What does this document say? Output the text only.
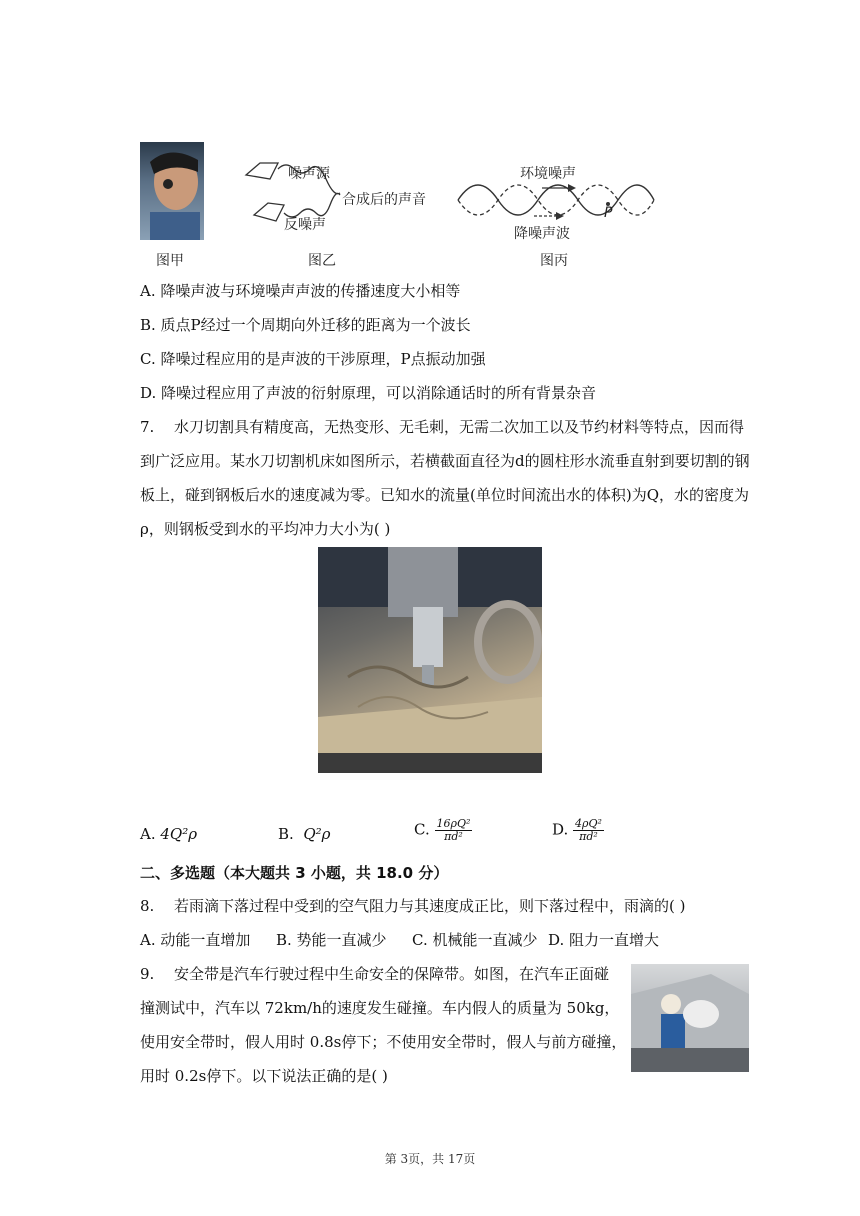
图甲
噪声源
合成后的声音
反噪声
图乙
环境噪声
降噪声波
P
图丙
A. 降噪声波与环境噪声声波的传播速度大小相等
B. 质点P经过一个周期向外迁移的距离为一个波长
C. 降噪过程应用的是声波的干涉原理，P点振动加强
D. 降噪过程应用了声波的衍射原理，可以消除通话时的所有背景杂音
7. 水刀切割具有精度高，无热变形、无毛刺，无需二次加工以及节约材料等特点，因而得
到广泛应用。某水刀切割机床如图所示，若横截面直径为d的圆柱形水流垂直射到要切割的钢
板上，碰到钢板后水的速度减为零。已知水的流量(单位时间流出水的体积)为Q，水的密度为
ρ，则钢板受到水的平均冲力大小为( )
A. 4Q²ρ	B. Q²ρ	C. $\frac{\text{16ρQ²}}{\text{πd²}}$	D. $\frac{\text{4ρQ²}}{\text{πd²}}$
二、多选题（本大题共 3 小题，共 18.0 分）
8. 若雨滴下落过程中受到的空气阻力与其速度成正比，则下落过程中，雨滴的( )
A. 动能一直增加 B. 势能一直减少 C. 机械能一直减少 D. 阻力一直增大
9. 安全带是汽车行驶过程中生命安全的保障带。如图，在汽车正面碰
撞测试中，汽车以 72km/h的速度发生碰撞。车内假人的质量为 50kg，
使用安全带时，假人用时 0.8s停下；不使用安全带时，假人与前方碰撞，
用时 0.2s停下。以下说法正确的是( )
第 3页，共 17页
